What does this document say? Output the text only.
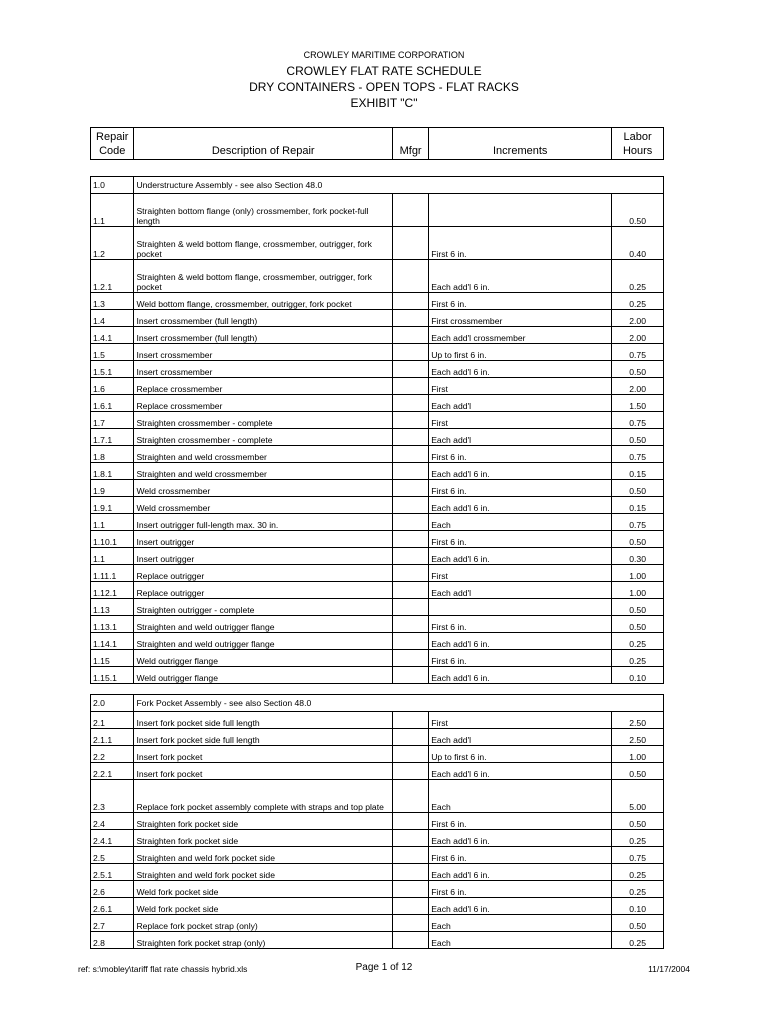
CROWLEY MARITIME CORPORATION
CROWLEY FLAT RATE SCHEDULE
DRY CONTAINERS - OPEN TOPS - FLAT RACKS
EXHIBIT "C"
Repair Code	Description of Repair	Mfgr	Increments	Labor Hours
1.0	Understructure Assembly - see also Section 48.0			
1.1	Straighten bottom flange (only) crossmember, fork pocket-full length			0.50
1.2	Straighten & weld bottom flange, crossmember, outrigger, fork pocket		First 6 in.	0.40
1.2.1	Straighten & weld bottom flange, crossmember, outrigger, fork pocket		Each add'l 6 in.	0.25
1.3	Weld bottom flange, crossmember, outrigger, fork pocket		First 6 in.	0.25
1.4	Insert crossmember (full length)		First crossmember	2.00
1.4.1	Insert crossmember (full length)		Each add'l crossmember	2.00
1.5	Insert crossmember		Up to first 6 in.	0.75
1.5.1	Insert crossmember		Each add'l 6 in.	0.50
1.6	Replace crossmember		First	2.00
1.6.1	Replace crossmember		Each add'l	1.50
1.7	Straighten crossmember - complete		First	0.75
1.7.1	Straighten crossmember - complete		Each add'l	0.50
1.8	Straighten and weld crossmember		First 6 in.	0.75
1.8.1	Straighten and weld crossmember		Each add'l 6 in.	0.15
1.9	Weld crossmember		First 6 in.	0.50
1.9.1	Weld crossmember		Each add'l 6 in.	0.15
1.1	Insert outrigger full-length max. 30 in.		Each	0.75
1.10.1	Insert outrigger		First 6 in.	0.50
1.1	Insert outrigger		Each add'l 6 in.	0.30
1.11.1	Replace outrigger		First	1.00
1.12.1	Replace outrigger		Each add'l	1.00
1.13	Straighten outrigger - complete			0.50
1.13.1	Straighten and weld outrigger flange		First 6 in.	0.50
1.14.1	Straighten and weld outrigger flange		Each add'l 6 in.	0.25
1.15	Weld outrigger flange		First 6 in.	0.25
1.15.1	Weld outrigger flange		Each add'l 6 in.	0.10
2.0	Fork Pocket Assembly - see also Section 48.0			
2.1	Insert fork pocket side full length		First	2.50
2.1.1	Insert fork pocket side full length		Each add'l	2.50
2.2	Insert fork pocket		Up to first 6 in.	1.00
2.2.1	Insert fork pocket		Each add'l 6 in.	0.50
2.3	Replace fork pocket assembly complete with straps and top plate		Each	5.00
2.4	Straighten fork pocket side		First 6 in.	0.50
2.4.1	Straighten fork pocket side		Each add'l 6 in.	0.25
2.5	Straighten and weld fork pocket side		First 6 in.	0.75
2.5.1	Straighten and weld fork pocket side		Each add'l 6 in.	0.25
2.6	Weld fork pocket side		First 6 in.	0.25
2.6.1	Weld fork pocket side		Each add'l 6 in.	0.10
2.7	Replace fork pocket strap (only)		Each	0.50
2.8	Straighten fork pocket strap (only)		Each	0.25
ref: s:\mobley\tariff flat rate chassis hybrid.xls	Page 1 of 12	11/17/2004
